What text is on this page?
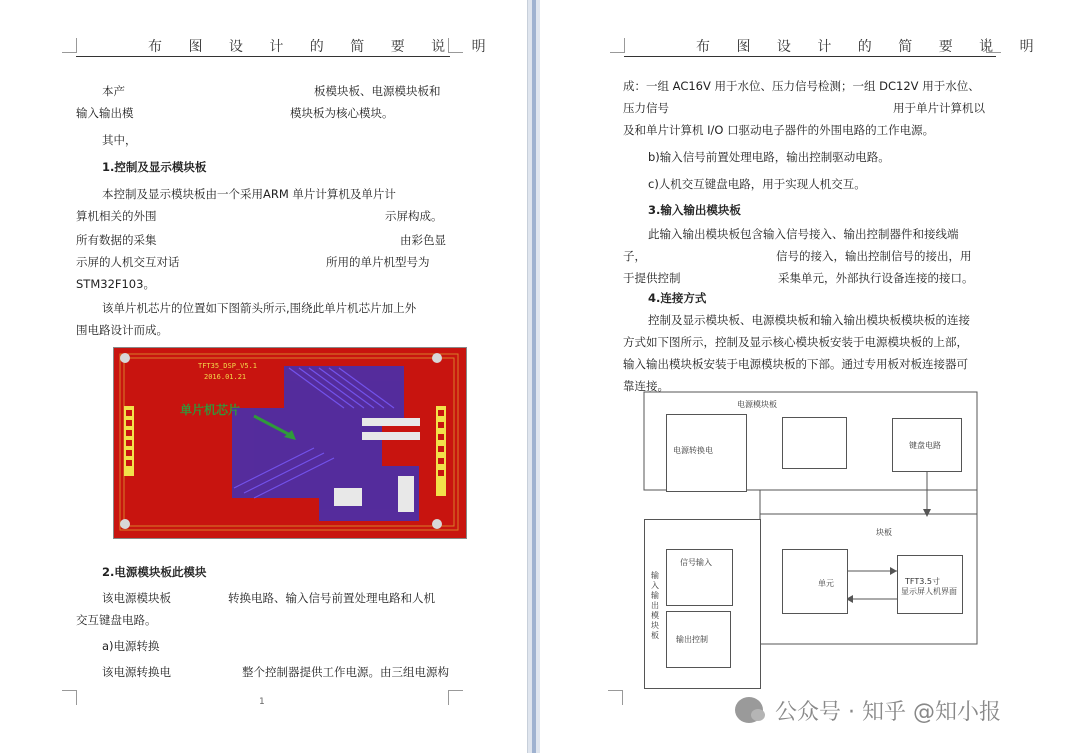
布 图 设 计 的 简 要 说 明
本产	板模块板、电源模块板和
输入输出模	模块板为核心模块。
其中，
1.控制及显示模块板
本控制及显示模块板由一个采用ARM 单片计算机及单片计
算机相关的外围	示屏构成。
所有数据的采集	由彩色显
示屏的人机交互对话	所用的单片机型号为
STM32F103。
该单片机芯片的位置如下图箭头所示,围绕此单片机芯片加上外
围电路设计而成。
TFT35_DSP_V5.1
2016.01.21
单片机芯片
2.电源模块板此模块
该电源模块板	转换电路、输入信号前置处理电路和人机
交互键盘电路。
a)电源转换
该电源转换电	整个控制器提供工作电源。由三组电源构
1
布 图 设 计 的 简 要 说 明
成：一组 AC16V 用于水位、压力信号检测；一组 DC12V 用于水位、
压力信号	用于单片计算机以
及和单片计算机 I/O 口驱动电子器件的外围电路的工作电源。
b)输入信号前置处理电路，输出控制驱动电路。
c)人机交互键盘电路，用于实现人机交互。
3.输入输出模块板
此输入输出模块板包含输入信号接入、输出控制器件和接线端
子，	信号的接入，输出控制信号的接出，用
于提供控制	采集单元，外部执行设备连接的接口。
4.连接方式
控制及显示模块板、电源模块板和输入输出模块板模块板的连接
方式如下图所示，控制及显示核心模块板安装于电源模块板的上部，
输入输出模块板安装于电源模块板的下部。通过专用板对板连接器可
靠连接。
电源模块板
电源转换电
键盘电路
输入输出模块板
块板
信号输入
单元	TFT3.5寸
显示屏人机界面
输出控制
公众号 · 知乎 @知小报
